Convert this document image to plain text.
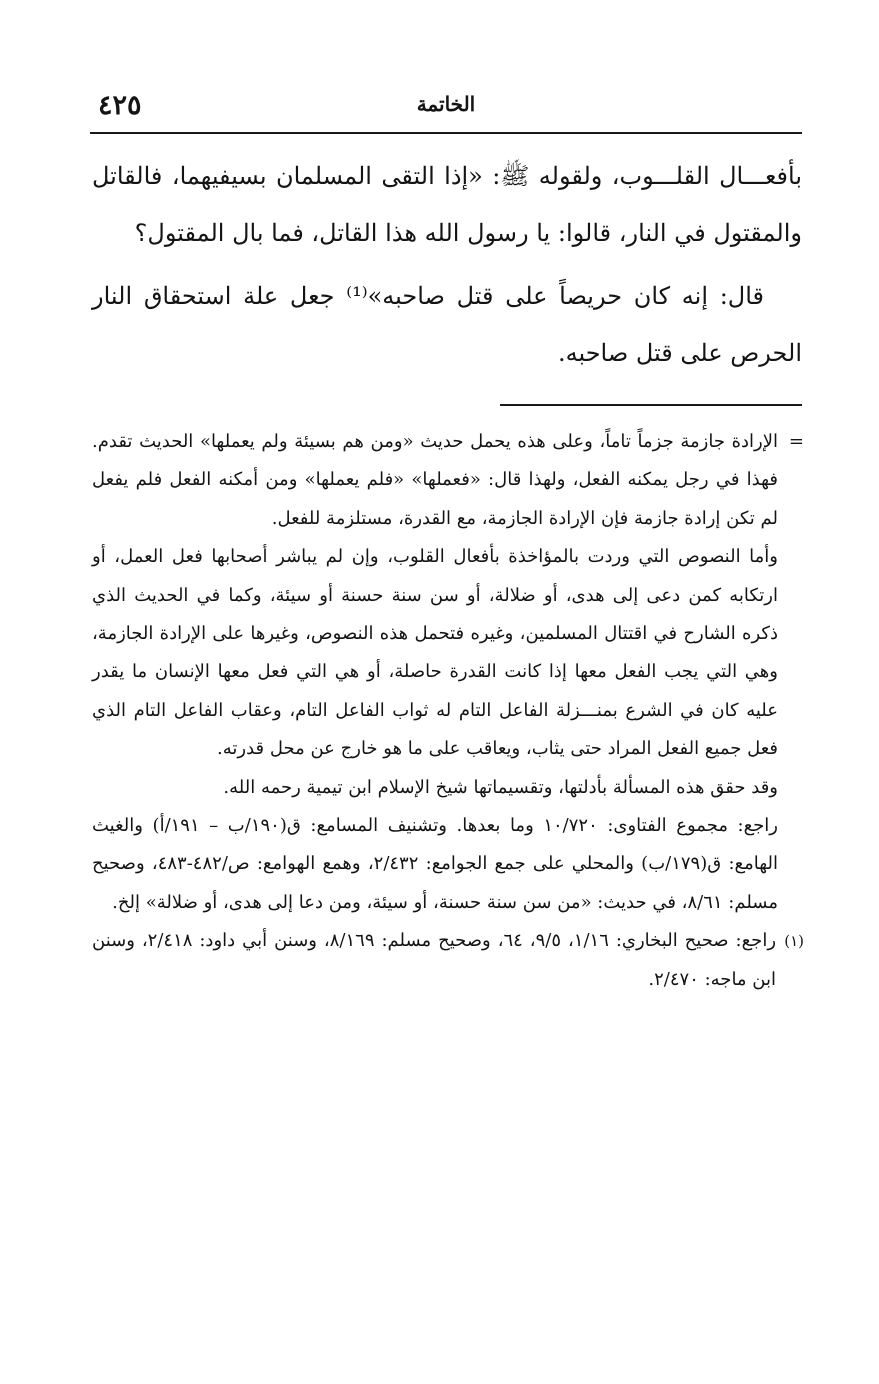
٤٢٥	الخاتمة

بأفعـــال القلـــوب، ولقوله ﷺ: «إذا التقى المسلمان بسيفيهما، فالقاتل والمقتول في النار، قالوا: يا رسول الله هذا القاتل، فما بال المقتول؟

قال: إنه كان حريصاً على قتل صاحبه»⁽¹⁾ جعل علة استحقاق النار الحرص على قتل صاحبه.

=
الإرادة جازمة جزماً تاماً، وعلى هذه يحمل حديث «ومن هم بسيئة ولم يعملها» الحديث تقدم. فهذا في رجل يمكنه الفعل، ولهذا قال: «فعملها» «فلم يعملها» ومن أمكنه الفعل فلم يفعل لم تكن إرادة جازمة فإن الإرادة الجازمة، مع القدرة، مستلزمة للفعل.

وأما النصوص التي وردت بالمؤاخذة بأفعال القلوب، وإن لم يباشر أصحابها فعل العمل، أو ارتكابه كمن دعى إلى هدى، أو ضلالة، أو سن سنة حسنة أو سيئة، وكما في الحديث الذي ذكره الشارح في اقتتال المسلمين، وغيره فتحمل هذه النصوص، وغيرها على الإرادة الجازمة، وهي التي يجب الفعل معها إذا كانت القدرة حاصلة، أو هي التي فعل معها الإنسان ما يقدر عليه كان في الشرع بمنـــزلة الفاعل التام له ثواب الفاعل التام، وعقاب الفاعل التام الذي فعل جميع الفعل المراد حتى يثاب، ويعاقب على ما هو خارج عن محل قدرته.

وقد حقق هذه المسألة بأدلتها، وتقسيماتها شيخ الإسلام ابن تيمية رحمه الله.

راجع: مجموع الفتاوى: ١٠/٧٢٠ وما بعدها. وتشنيف المسامع: ق(١٩٠/ب – ١٩١/أ) والغيث الهامع: ق(١٧٩/ب) والمحلي على جمع الجوامع: ٢/٤٣٢، وهمع الهوامع: ص/٤٨٢-٤٨٣، وصحيح مسلم: ٨/٦١، في حديث: «من سن سنة حسنة، أو سيئة، ومن دعا إلى هدى، أو ضلالة» إلخ.

(١)
راجع: صحيح البخاري: ١/١٦، ٩/٥، ٦٤، وصحيح مسلم: ٨/١٦٩، وسنن أبي داود: ٢/٤١٨، وسنن ابن ماجه: ٢/٤٧٠.
